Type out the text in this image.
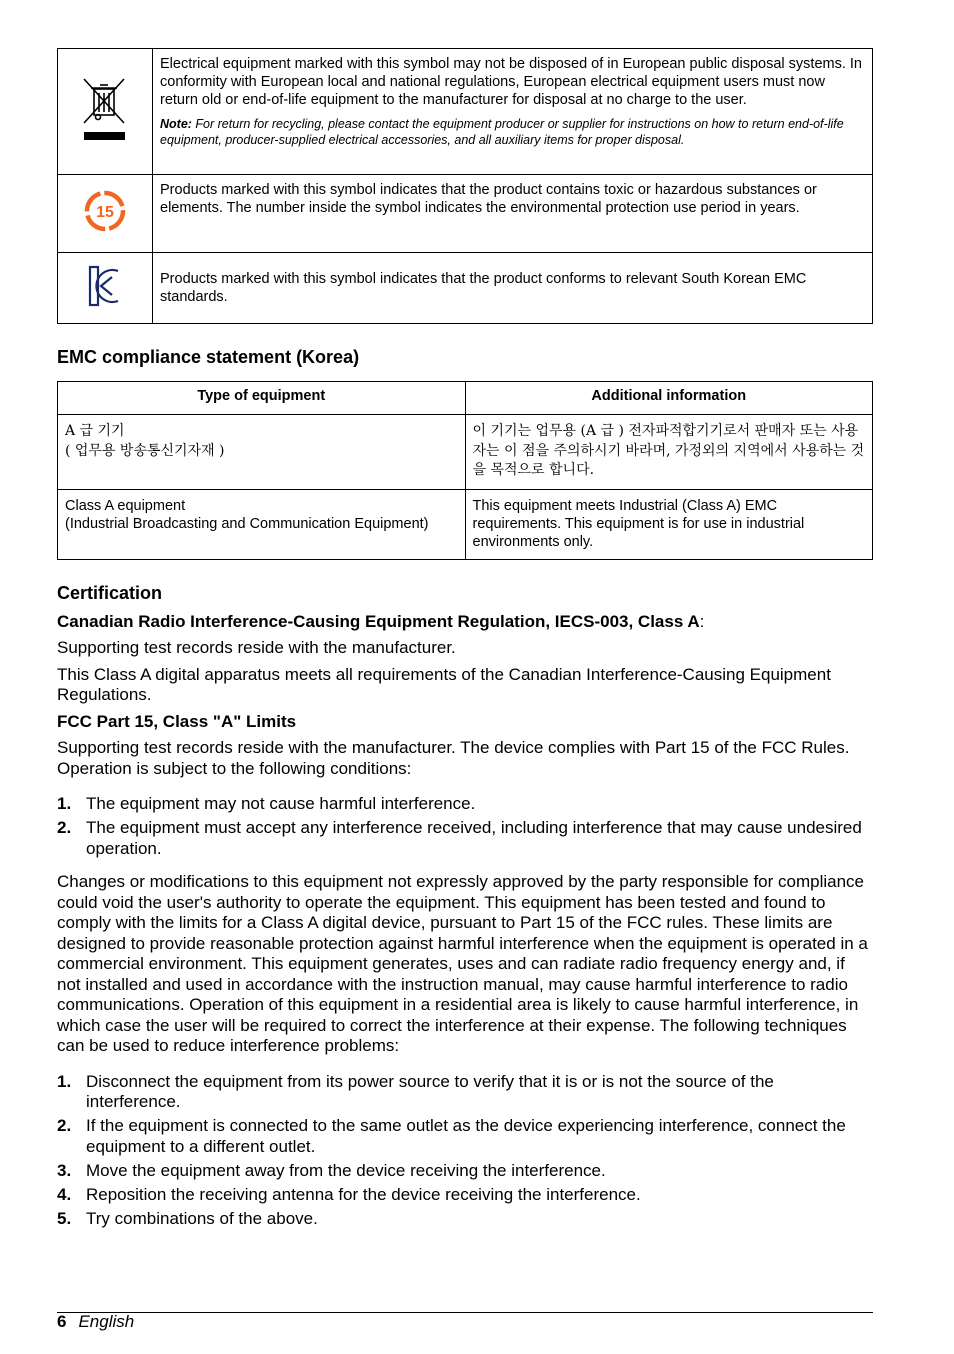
Electrical equipment marked with this symbol may not be disposed of in European public disposal systems. In conformity with European local and national regulations, European electrical equipment users must now return old or end-of-life equipment to the manufacturer for disposal at no charge to the user.
Note: For return for recycling, please contact the equipment producer or supplier for instructions on how to return end-of-life equipment, producer-supplied electrical accessories, and all auxiliary items for proper disposal.

15	Products marked with this symbol indicates that the product contains toxic or hazardous substances or elements. The number inside the symbol indicates the environmental protection use period in years.

Products marked with this symbol indicates that the product conforms to relevant South Korean EMC standards.
EMC compliance statement (Korea)
Type of equipment	Additional information
A 급 기기
( 업무용 방송통신기자재 )	이 기기는 업무용 (A 급 ) 전자파적합기기로서 판매자 또는 사용자는 이 점을 주의하시기 바라며, 가정외의 지역에서 사용하는 것을 목적으로 합니다.
Class A equipment
(Industrial Broadcasting and Communication Equipment)	This equipment meets Industrial (Class A) EMC requirements. This equipment is for use in industrial environments only.
Certification
Canadian Radio Interference-Causing Equipment Regulation, IECS-003, Class A:

Supporting test records reside with the manufacturer.

This Class A digital apparatus meets all requirements of the Canadian Interference-Causing Equipment Regulations.

FCC Part 15, Class "A" Limits

Supporting test records reside with the manufacturer. The device complies with Part 15 of the FCC Rules. Operation is subject to the following conditions:

1. The equipment may not cause harmful interference.
2. The equipment must accept any interference received, including interference that may cause undesired operation.

Changes or modifications to this equipment not expressly approved by the party responsible for compliance could void the user's authority to operate the equipment. This equipment has been tested and found to comply with the limits for a Class A digital device, pursuant to Part 15 of the FCC rules. These limits are designed to provide reasonable protection against harmful interference when the equipment is operated in a commercial environment. This equipment generates, uses and can radiate radio frequency energy and, if not installed and used in accordance with the instruction manual, may cause harmful interference to radio communications. Operation of this equipment in a residential area is likely to cause harmful interference, in which case the user will be required to correct the interference at their expense. The following techniques can be used to reduce interference problems:

1. Disconnect the equipment from its power source to verify that it is or is not the source of the interference.
2. If the equipment is connected to the same outlet as the device experiencing interference, connect the equipment to a different outlet.
3. Move the equipment away from the device receiving the interference.
4. Reposition the receiving antenna for the device receiving the interference.
5. Try combinations of the above.
6 English
